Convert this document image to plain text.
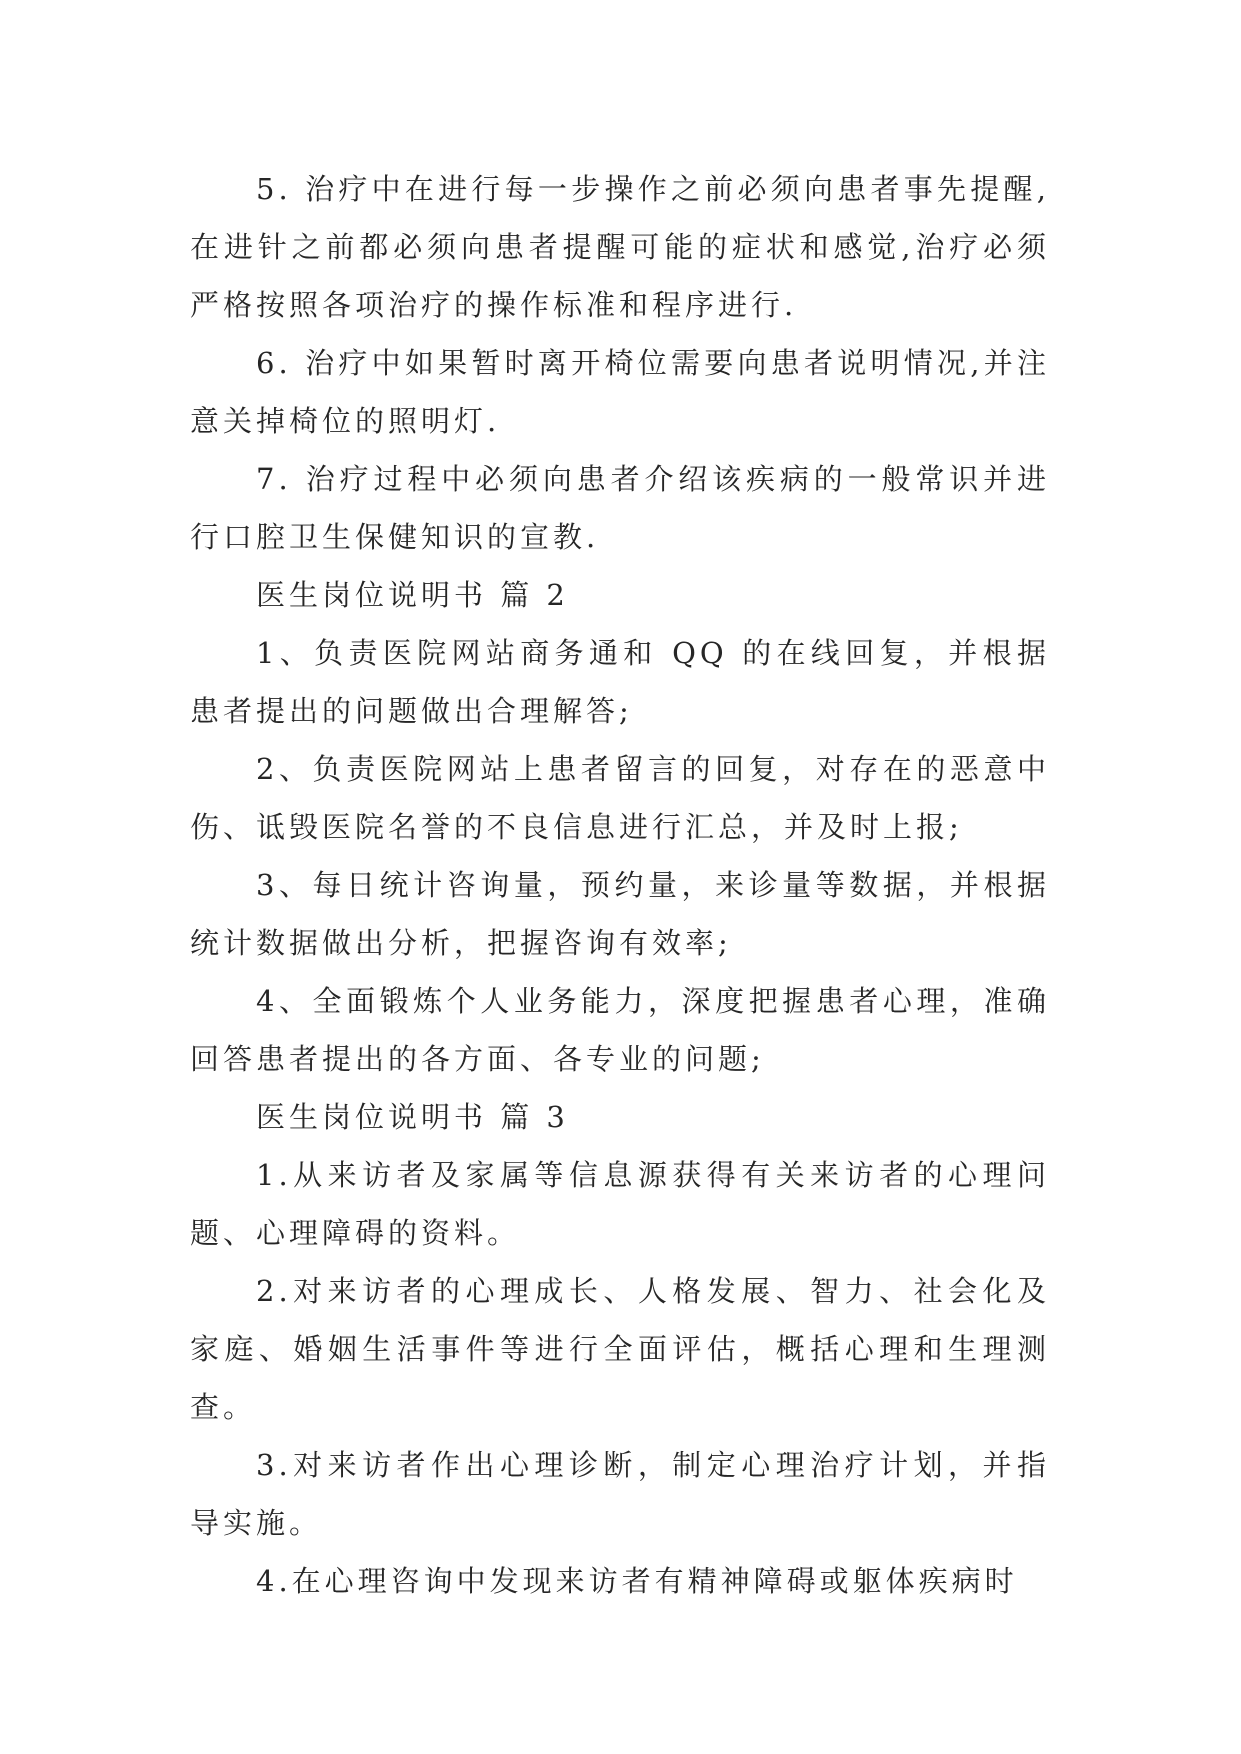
5. 治疗中在进行每一步操作之前必须向患者事先提醒,在进针之前都必须向患者提醒可能的症状和感觉,治疗必须严格按照各项治疗的操作标准和程序进行.

6. 治疗中如果暂时离开椅位需要向患者说明情况,并注意关掉椅位的照明灯.

7. 治疗过程中必须向患者介绍该疾病的一般常识并进行口腔卫生保健知识的宣教.

医生岗位说明书 篇 2

1、负责医院网站商务通和 QQ 的在线回复，并根据患者提出的问题做出合理解答;

2、负责医院网站上患者留言的回复，对存在的恶意中伤、诋毁医院名誉的不良信息进行汇总，并及时上报;

3、每日统计咨询量，预约量，来诊量等数据，并根据统计数据做出分析，把握咨询有效率;

4、全面锻炼个人业务能力，深度把握患者心理，准确回答患者提出的各方面、各专业的问题;

医生岗位说明书 篇 3

1.从来访者及家属等信息源获得有关来访者的心理问题、心理障碍的资料。

2.对来访者的心理成长、人格发展、智力、社会化及家庭、婚姻生活事件等进行全面评估，概括心理和生理测查。

3.对来访者作出心理诊断，制定心理治疗计划，并指导实施。

4.在心理咨询中发现来访者有精神障碍或躯体疾病时
